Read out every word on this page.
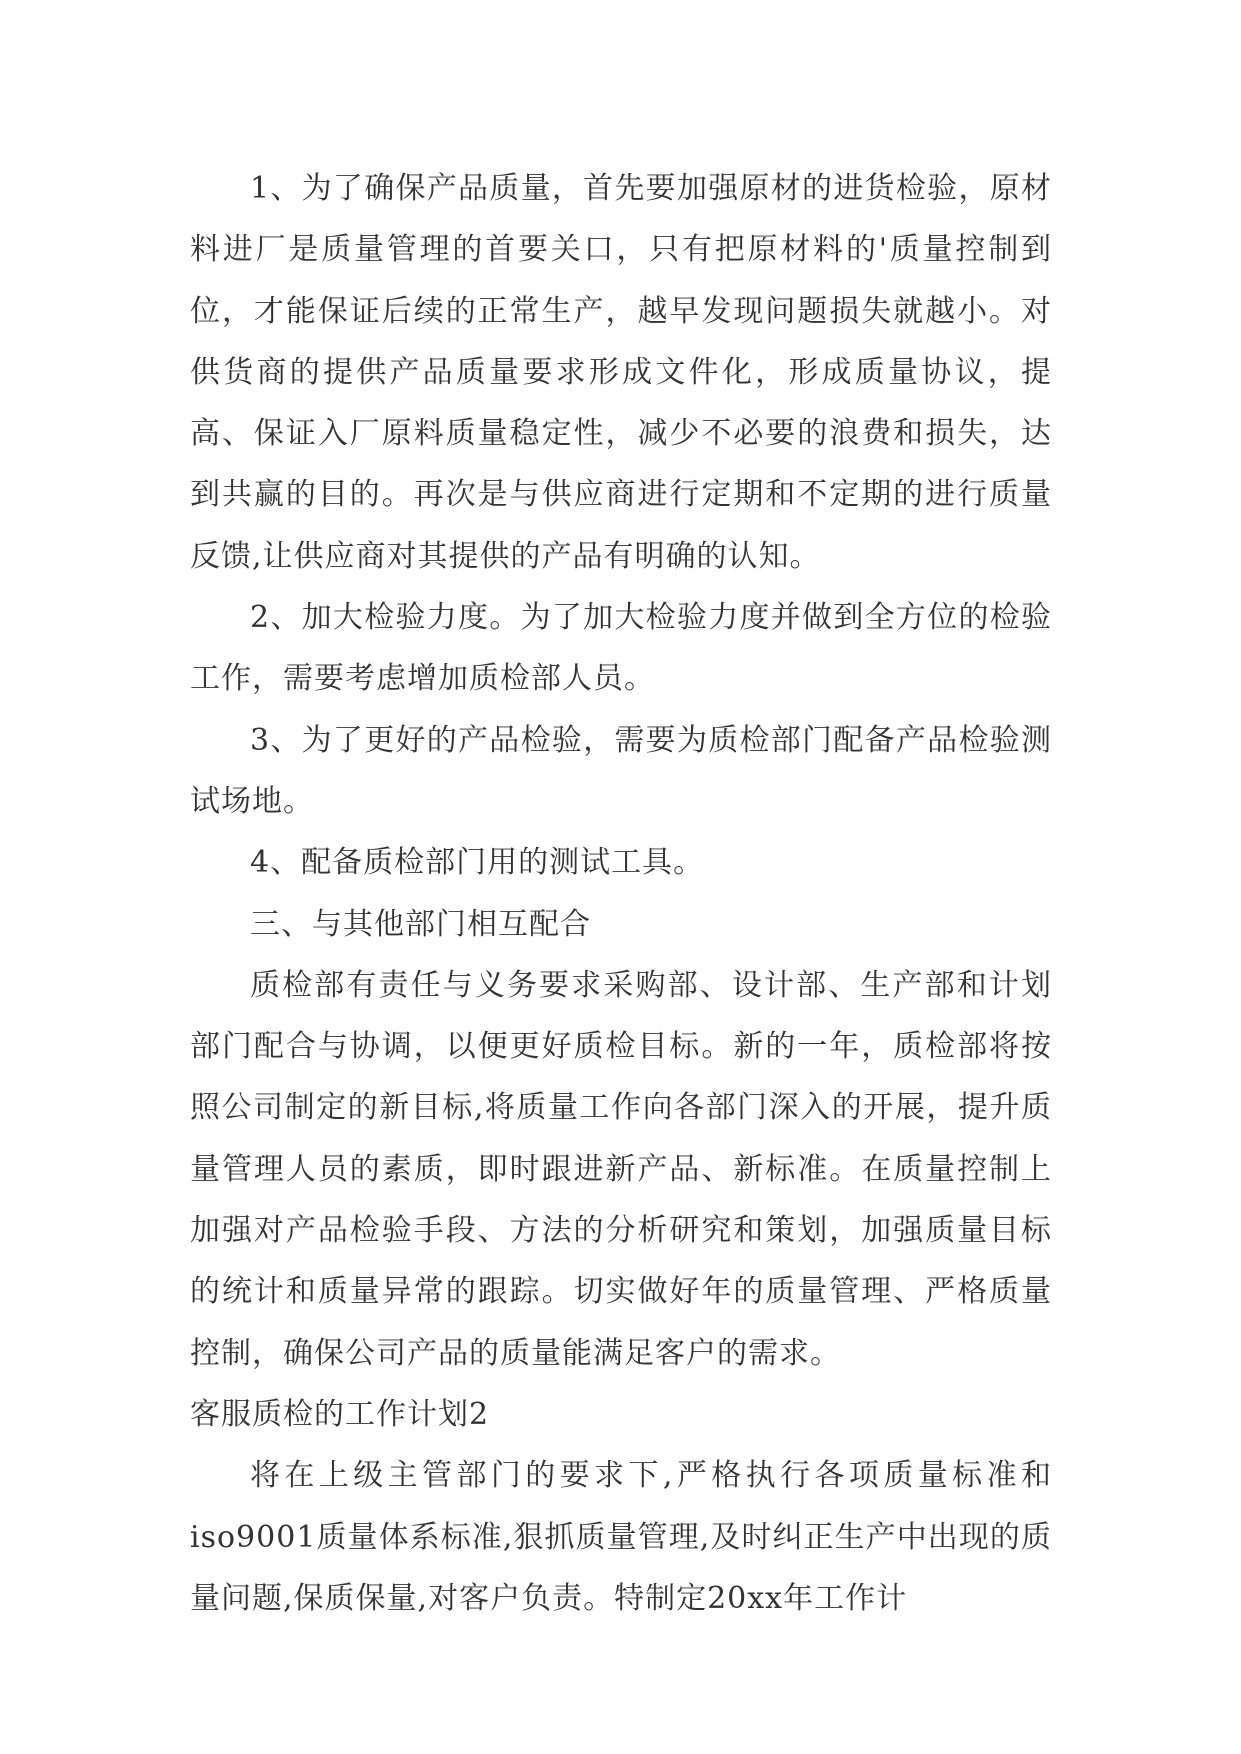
1、为了确保产品质量，首先要加强原材的进货检验，原材料进厂是质量管理的首要关口，只有把原材料的'质量控制到位，才能保证后续的正常生产，越早发现问题损失就越小。对供货商的提供产品质量要求形成文件化，形成质量协议，提高、保证入厂原料质量稳定性，减少不必要的浪费和损失，达到共赢的目的。再次是与供应商进行定期和不定期的进行质量反馈,让供应商对其提供的产品有明确的认知。

2、加大检验力度。为了加大检验力度并做到全方位的检验工作，需要考虑增加质检部人员。

3、为了更好的产品检验，需要为质检部门配备产品检验测试场地。

4、配备质检部门用的测试工具。

三、与其他部门相互配合

质检部有责任与义务要求采购部、设计部、生产部和计划部门配合与协调，以便更好质检目标。新的一年，质检部将按照公司制定的新目标,将质量工作向各部门深入的开展，提升质量管理人员的素质，即时跟进新产品、新标准。在质量控制上加强对产品检验手段、方法的分析研究和策划，加强质量目标的统计和质量异常的跟踪。切实做好年的质量管理、严格质量控制，确保公司产品的质量能满足客户的需求。

客服质检的工作计划2

将在上级主管部门的要求下,严格执行各项质量标准和iso9001质量体系标准,狠抓质量管理,及时纠正生产中出现的质量问题,保质保量,对客户负责。特制定20xx年工作计
